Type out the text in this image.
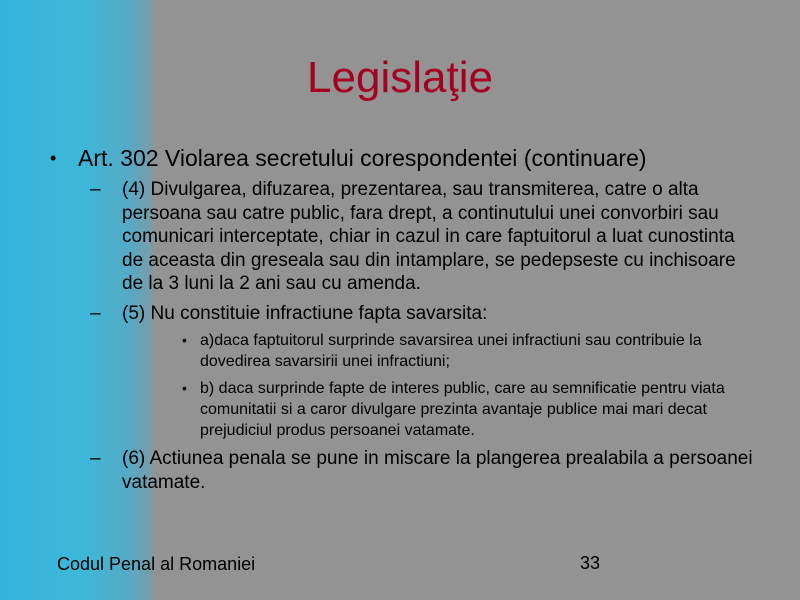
Legislaţie
• Art. 302 Violarea secretului corespondentei (continuare)
– (4) Divulgarea, difuzarea, prezentarea, sau transmiterea, catre o alta persoana sau catre public, fara drept, a continutului unei convorbiri sau comunicari interceptate, chiar in cazul in care faptuitorul a luat cunostinta de aceasta din greseala sau din intamplare, se pedepseste cu inchisoare de la 3 luni la 2 ani sau cu amenda.
– (5) Nu constituie infractiune fapta savarsita:
• a)daca faptuitorul surprinde savarsirea unei infractiuni sau contribuie la dovedirea savarsirii unei infractiuni;
• b) daca surprinde fapte de interes public, care au semnificatie pentru viata comunitatii si a caror divulgare prezinta avantaje publice mai mari decat prejudiciul produs persoanei vatamate.
– (6) Actiunea penala se pune in miscare la plangerea prealabila a persoanei vatamate.
Codul Penal al Romaniei	33
